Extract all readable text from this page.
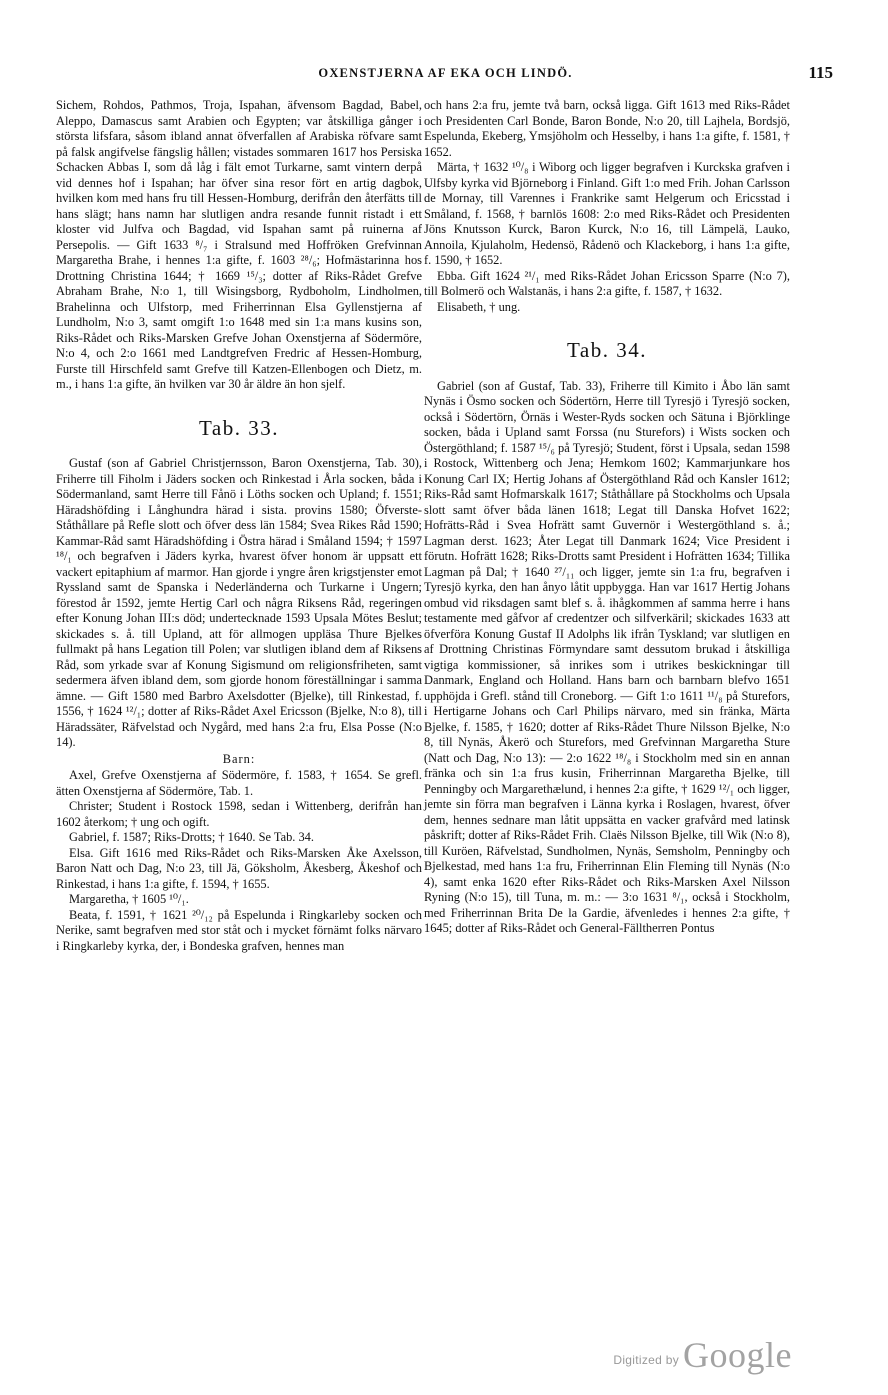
OXENSTJERNA AF EKA OCH LINDÖ.	115

Sichem, Rohdos, Pathmos, Troja, Ispahan, äfvensom Bagdad, Babel, Aleppo, Damascus samt Arabien och Egypten; var åtskilliga gånger i största lifsfara, såsom ibland annat öfverfallen af Arabiska röfvare samt på falsk angifvelse fängslig hållen; vistades sommaren 1617 hos Persiska Schacken Abbas I, som då låg i fält emot Turkarne, samt vintern derpå vid dennes hof i Ispahan; har öfver sina resor fört en artig dagbok, hvilken kom med hans fru till Hessen-Homburg, derifrån den återfätts till hans slägt; hans namn har slutligen andra resande funnit ristadt i ett kloster vid Julfva och Bagdad, vid Ispahan samt på ruinerna af Persepolis. — Gift 1633 ⁸/₇ i Stralsund med Hoffröken Grefvinnan Margaretha Brahe, i hennes 1:a gifte, f. 1603 ²⁸/₆; Hofmästarinna hos Drottning Christina 1644; † 1669 ¹⁵/₃; dotter af Riks-Rådet Grefve Abraham Brahe, N:o 1, till Wisingsborg, Rydboholm, Lindholmen, Brahelinna och Ulfstorp, med Friherrinnan Elsa Gyllenstjerna af Lundholm, N:o 3, samt omgift 1:o 1648 med sin 1:a mans kusins son, Riks-Rådet och Riks-Marsken Grefve Johan Oxenstjerna af Södermöre, N:o 4, och 2:o 1661 med Landtgrefven Fredric af Hessen-Homburg, Furste till Hirschfeld samt Grefve till Katzen-Ellenbogen och Dietz, m. m., i hans 1:a gifte, än hvilken var 30 år äldre än hon sjelf.

Tab. 33.

Gustaf (son af Gabriel Christjernsson, Baron Oxenstjerna, Tab. 30), Friherre till Fiholm i Jäders socken och Rinkestad i Årla socken, båda i Södermanland, samt Herre till Fånö i Löths socken och Upland; f. 1551; Häradshöfding i Långhundra härad i sista. provins 1580; Öfverste-Ståthållare på Refle slott och öfver dess län 1584; Svea Rikes Råd 1590; Kammar-Råd samt Häradshöfding i Östra härad i Småland 1594; † 1597 ¹⁸/₁ och begrafven i Jäders kyrka, hvarest öfver honom är uppsatt ett vackert epitaphium af marmor. Han gjorde i yngre åren krigstjenster emot Ryssland samt de Spanska i Nederländerna och Turkarne i Ungern; förestod år 1592, jemte Hertig Carl och några Riksens Råd, regeringen efter Konung Johan III:s död; undertecknade 1593 Upsala Mötes Beslut; skickades s. å. till Upland, att för allmogen uppläsa Thure Bjelkes fullmakt på hans Legation till Polen; var slutligen ibland dem af Riksens Råd, som yrkade svar af Konung Sigismund om religionsfriheten, samt sedermera äfven ibland dem, som gjorde honom föreställningar i samma ämne. — Gift 1580 med Barbro Axelsdotter (Bjelke), till Rinkestad, f. 1556, † 1624 ¹²/₁; dotter af Riks-Rådet Axel Ericsson (Bjelke, N:o 8), till Häradssäter, Räfvelstad och Nygård, med hans 2:a fru, Elsa Posse (N:o 14).

Barn:

Axel, Grefve Oxenstjerna af Södermöre, f. 1583, † 1654. Se grefl. ätten Oxenstjerna af Södermöre, Tab. 1.

Christer; Student i Rostock 1598, sedan i Wittenberg, derifrån han 1602 återkom; † ung och ogift.

Gabriel, f. 1587; Riks-Drotts; † 1640. Se Tab. 34.

Elsa. Gift 1616 med Riks-Rådet och Riks-Marsken Åke Axelsson, Baron Natt och Dag, N:o 23, till Jä, Göksholm, Åkesberg, Åkeshof och Rinkestad, i hans 1:a gifte, f. 1594, † 1655.

Margaretha, † 1605 ¹⁰/₁.

Beata, f. 1591, † 1621 ²⁰/₁₂ på Espelunda i Ringkarleby socken och Nerike, samt begrafven med stor ståt och i mycket förnämt folks närvaro i Ringkarleby kyrka, der, i Bondeska grafven, hennes man

och hans 2:a fru, jemte två barn, också ligga. Gift 1613 med Riks-Rådet och Presidenten Carl Bonde, Baron Bonde, N:o 20, till Lajhela, Bordsjö, Espelunda, Ekeberg, Ymsjöholm och Hesselby, i hans 1:a gifte, f. 1581, † 1652.

Märta, † 1632 ¹⁰/₈ i Wiborg och ligger begrafven i Kurckska grafven i Ulfsby kyrka vid Björneborg i Finland. Gift 1:o med Frih. Johan Carlsson de Mornay, till Varennes i Frankrike samt Helgerum och Ericsstad i Småland, f. 1568, † barnlös 1608: 2:o med Riks-Rådet och Presidenten Jöns Knutsson Kurck, Baron Kurck, N:o 16, till Lämpelä, Lauko, Annoila, Kjulaholm, Hedensö, Rådenö och Klackeborg, i hans 1:a gifte, f. 1590, † 1652.

Ebba. Gift 1624 ²¹/₁ med Riks-Rådet Johan Ericsson Sparre (N:o 7), till Bolmerö och Walstanäs, i hans 2:a gifte, f. 1587, † 1632.

Elisabeth, † ung.

Tab. 34.

Gabriel (son af Gustaf, Tab. 33), Friherre till Kimito i Åbo län samt Nynäs i Ösmo socken och Södertörn, Herre till Tyresjö i Tyresjö socken, också i Södertörn, Örnäs i Wester-Ryds socken och Sätuna i Björklinge socken, båda i Upland samt Forssa (nu Sturefors) i Wists socken och Östergöthland; f. 1587 ¹⁵/₆ på Tyresjö; Student, först i Upsala, sedan 1598 i Rostock, Wittenberg och Jena; Hemkom 1602; Kammarjunkare hos Konung Carl IX; Hertig Johans af Östergöthland Råd och Kansler 1612; Riks-Råd samt Hofmarskalk 1617; Ståthållare på Stockholms och Upsala slott samt öfver båda länen 1618; Legat till Danska Hofvet 1622; Hofrätts-Råd i Svea Hofrätt samt Guvernör i Westergöthland s. å.; Lagman derst. 1623; Åter Legat till Danmark 1624; Vice President i förutn. Hofrätt 1628; Riks-Drotts samt President i Hofrätten 1634; Tillika Lagman på Dal; † 1640 ²⁷/₁₁ och ligger, jemte sin 1:a fru, begrafven i Tyresjö kyrka, den han ånyo låtit uppbygga. Han var 1617 Hertig Johans ombud vid riksdagen samt blef s. å. ihågkommen af samma herre i hans testamente med gåfvor af credentzer och silfverkäril; skickades 1633 att öfverföra Konung Gustaf II Adolphs lik ifrån Tyskland; var slutligen en af Drottning Christinas Förmyndare samt dessutom brukad i åtskilliga vigtiga kommissioner, så inrikes som i utrikes beskickningar till Danmark, England och Holland. Hans barn och barnbarn blefvo 1651 upphöjda i Grefl. stånd till Croneborg. — Gift 1:o 1611 ¹¹/₈ på Sturefors, i Hertigarne Johans och Carl Philips närvaro, med sin fränka, Märta Bjelke, f. 1585, † 1620; dotter af Riks-Rådet Thure Nilsson Bjelke, N:o 8, till Nynäs, Åkerö och Sturefors, med Grefvinnan Margaretha Sture (Natt och Dag, N:o 13): — 2:o 1622 ¹⁸/₈ i Stockholm med sin en annan fränka och sin 1:a frus kusin, Friherrinnan Margaretha Bjelke, till Penningby och Margarethælund, i hennes 2:a gifte, † 1629 ¹²/₁ och ligger, jemte sin förra man begrafven i Länna kyrka i Roslagen, hvarest, öfver dem, hennes sednare man låtit uppsätta en vacker grafvård med latinsk påskrift; dotter af Riks-Rådet Frih. Claës Nilsson Bjelke, till Wik (N:o 8), till Kuröen, Räfvelstad, Sundholmen, Nynäs, Semsholm, Penningby och Bjelkestad, med hans 1:a fru, Friherrinnan Elin Fleming till Nynäs (N:o 4), samt enka 1620 efter Riks-Rådet och Riks-Marsken Axel Nilsson Ryning (N:o 15), till Tuna, m. m.: — 3:o 1631 ⁸/₁, också i Stockholm, med Friherrinnan Brita De la Gardie, äfvenledes i hennes 2:a gifte, † 1645; dotter af Riks-Rådet och General-Fälltherren Pontus

Digitized by Google
